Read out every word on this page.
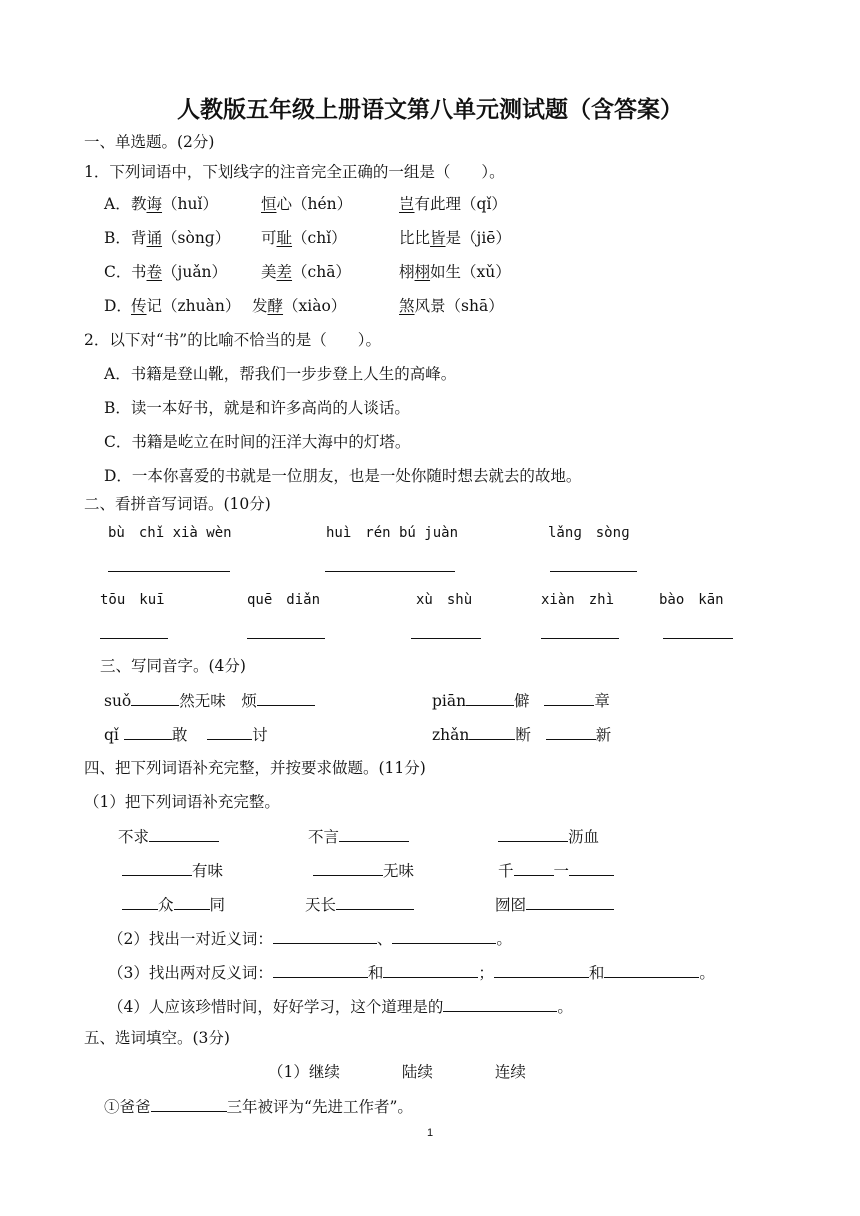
人教版五年级上册语文第八单元测试题（含答案）
一、单选题。(2分)
1．下列词语中，下划线字的注音完全正确的一组是（　　）。
A． 教诲（huǐ）	恒心（hén）	岂有此理（qǐ）
B． 背诵（sònɡ） 可耻（chǐ）	比比皆是（jiē）
C． 书卷（juǎn） 美差（chā）	栩栩如生（xǔ）
D． 传记（zhuàn） 发酵（xiào）	煞风景（shā）
2．以下对“书”的比喻不恰当的是（　　）。
A．书籍是登山靴，帮我们一步步登上人生的高峰。
B．读一本好书，就是和许多高尚的人谈话。
C．书籍是屹立在时间的汪洋大海中的灯塔。
D．一本你喜爱的书就是一位朋友，也是一处你随时想去就去的故地。
二、看拼音写词语。(10分)
bù　chǐ xià wèn	huì　rén bú juàn	lǎnɡ　sònɡ
tōu　kuī	quē　diǎn	xù　shù	xiàn　zhì	bào　kān
三、写同音字。(4分)
suǒ	然无味　 烦	piān	僻	章
qǐ	敢	讨	zhǎn	断	新
四、把下列词语补充完整，并按要求做题。(11分)
（1）把下列词语补充完整。
不求	不言	沥血
有味	无味	千	一
众 同	天长	囫囵
（2）找出一对近义词：	、	。
（3）找出两对反义词：	和	；	和	。
（4）人应该珍惜时间，好好学习，这个道理是的	。
五、选词填空。(3分)
（1）继续　　　　陆续　　　　连续
①爸爸	三年被评为“先进工作者”。
1
